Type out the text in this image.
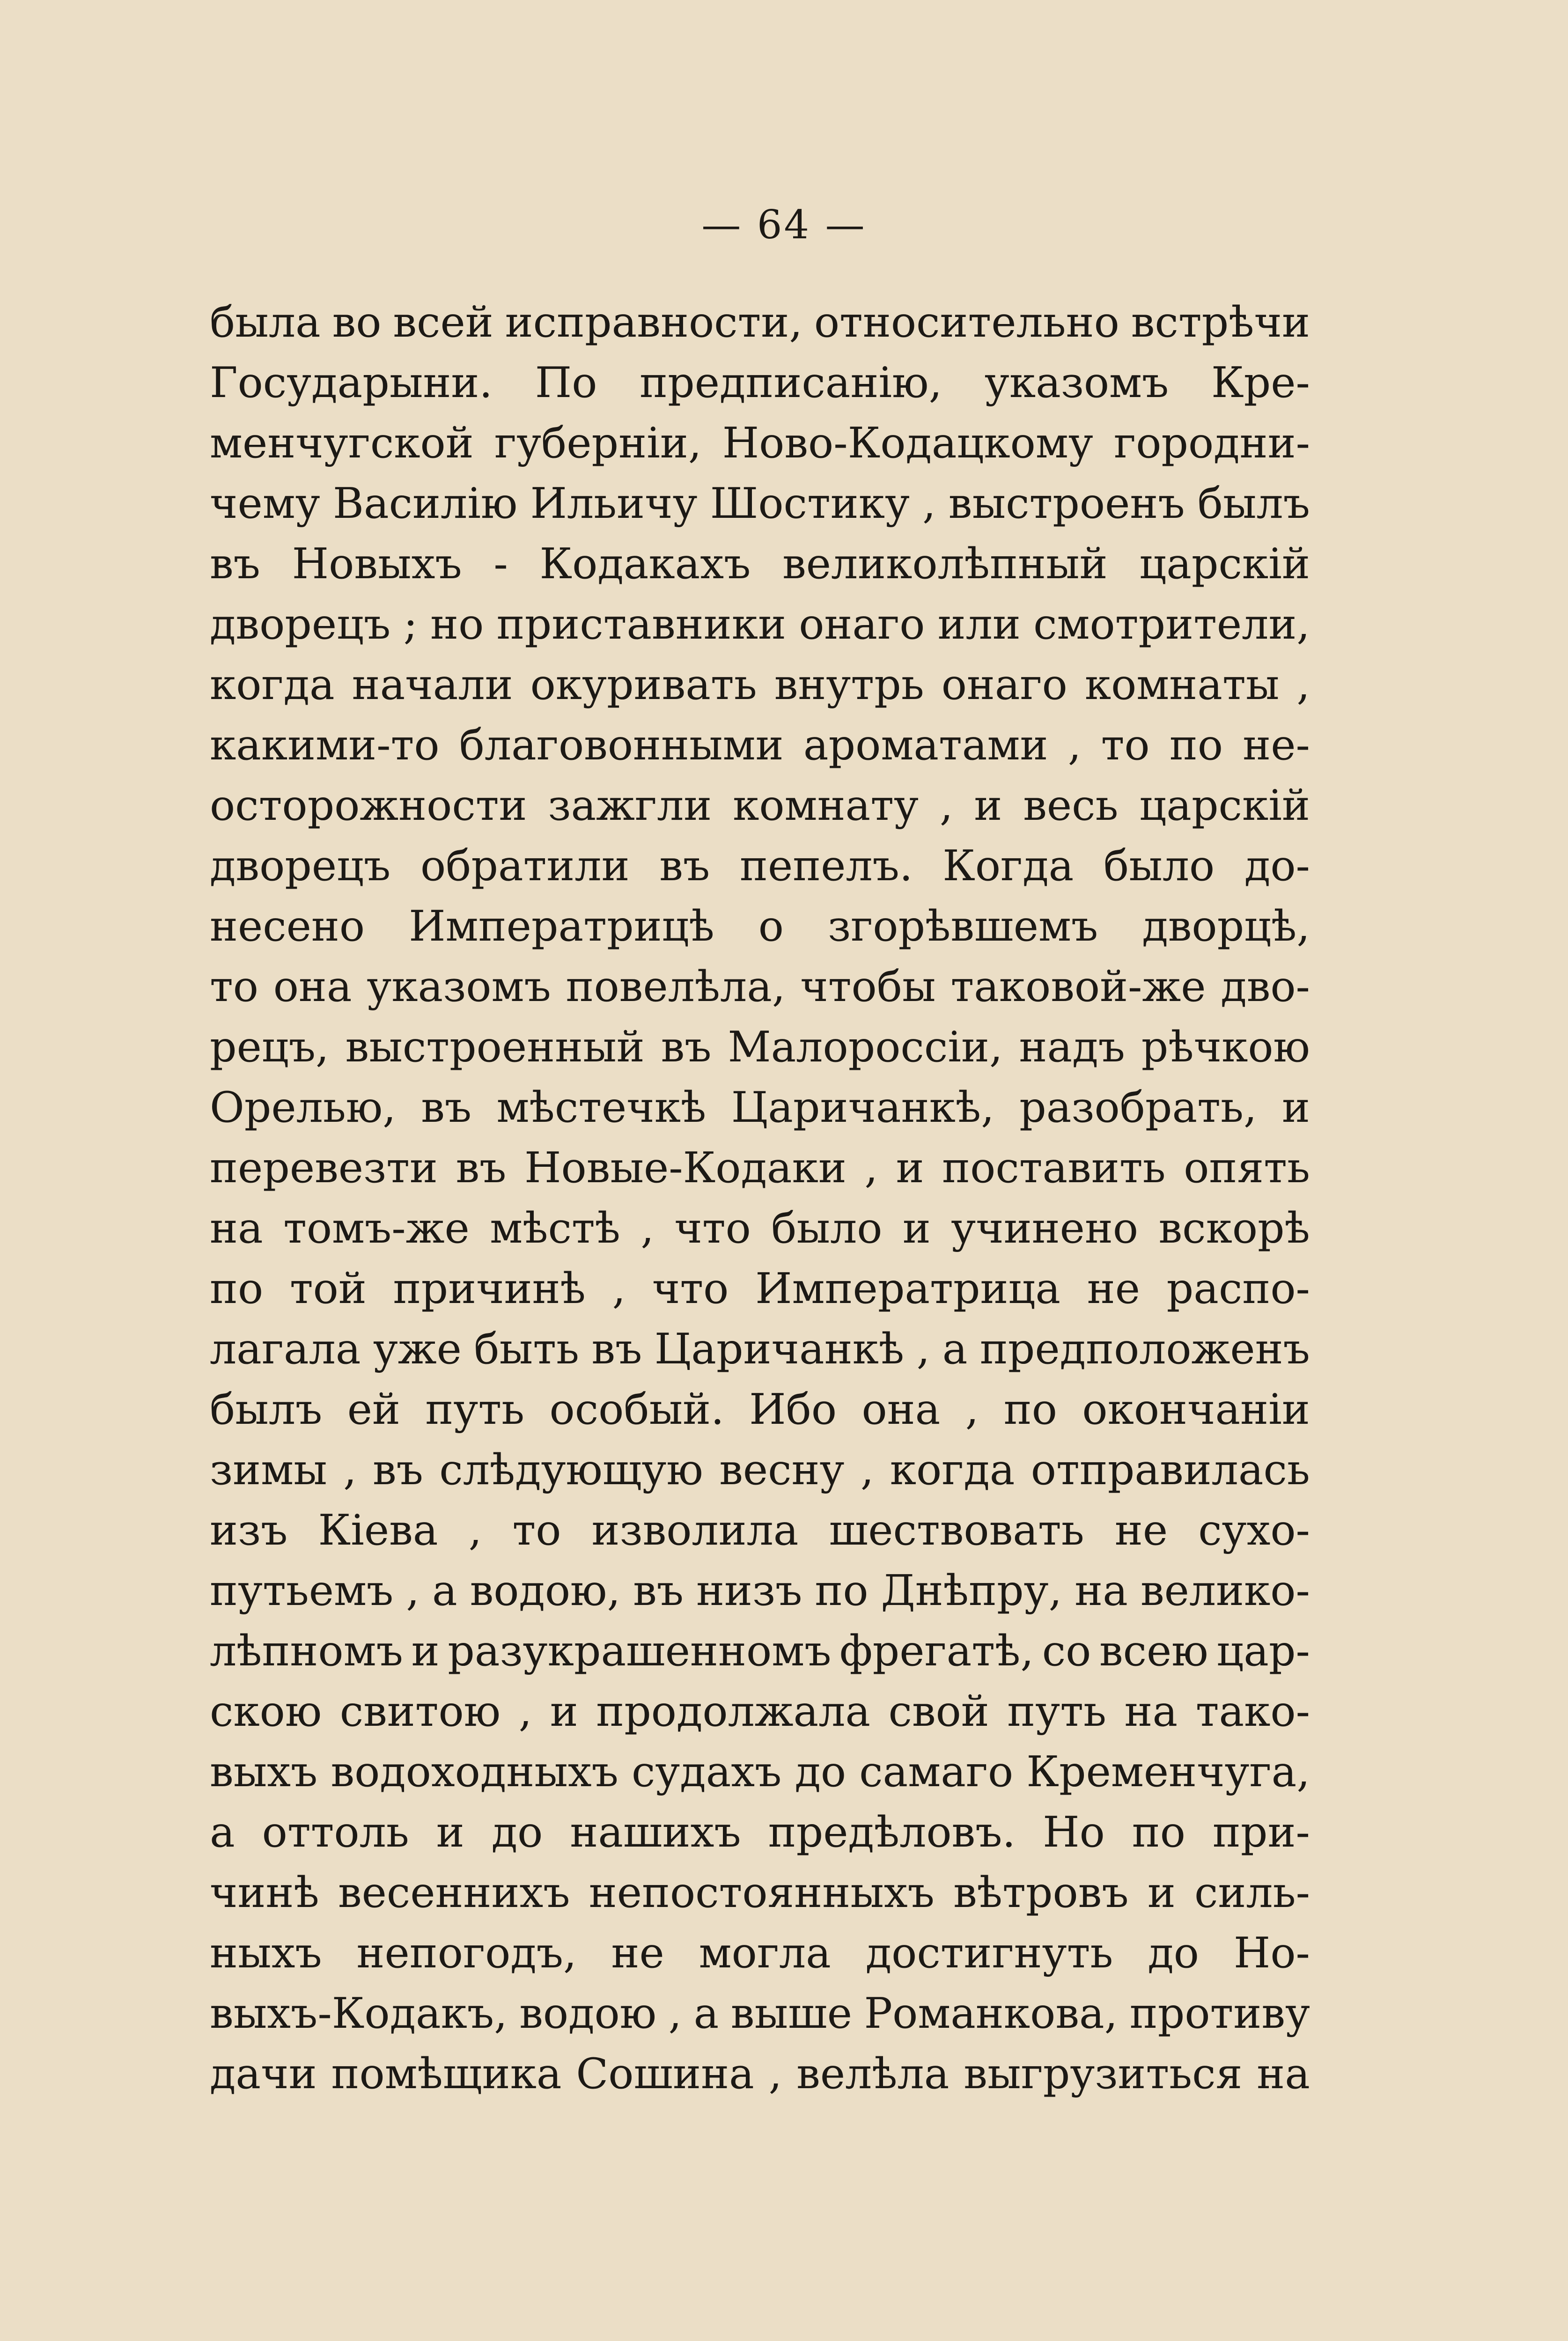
— 64 —
была во всей исправности, относительно встрѣчи
Государыни. По предписанію, указомъ Кре-
менчугской губерніи, Ново-Кодацкому городни-
чему Василію Ильичу Шостику , выстроенъ былъ
въ Новыхъ - Кодакахъ великолѣпный царскій
дворецъ ; но приставники онаго или смотрители,
когда начали окуривать внутрь онаго комнаты ,
какими-то благовонными ароматами , то по не-
осторожности зажгли комнату , и весь царскій
дворецъ обратили въ пепелъ. Когда было до-
несено Императрицѣ о згорѣвшемъ дворцѣ,
то она указомъ повелѣла, чтобы таковой-же дво-
рецъ, выстроенный въ Малороссіи, надъ рѣчкою
Орелью, въ мѣстечкѣ Царичанкѣ, разобрать, и
перевезти въ Новые-Кодаки , и поставить опять
на томъ-же мѣстѣ , что было и учинено вскорѣ
по той причинѣ , что Императрица не распо-
лагала уже быть въ Царичанкѣ , а предположенъ
былъ ей путь особый. Ибо она , по окончаніи
зимы , въ слѣдующую весну , когда отправилась
изъ Кіева , то изволила шествовать не сухо-
путьемъ , а водою, въ низъ по Днѣпру, на велико-
лѣпномъ и разукрашенномъ фрегатѣ, со всею цар-
скою свитою , и продолжала свой путь на тако-
выхъ водоходныхъ судахъ до самаго Кременчуга,
а оттоль и до нашихъ предѣловъ. Но по при-
чинѣ весеннихъ непостоянныхъ вѣтровъ и силь-
ныхъ непогодъ, не могла достигнуть до Но-
выхъ-Кодакъ, водою , а выше Романкова, противу
дачи помѣщика Сошина , велѣла выгрузиться на
